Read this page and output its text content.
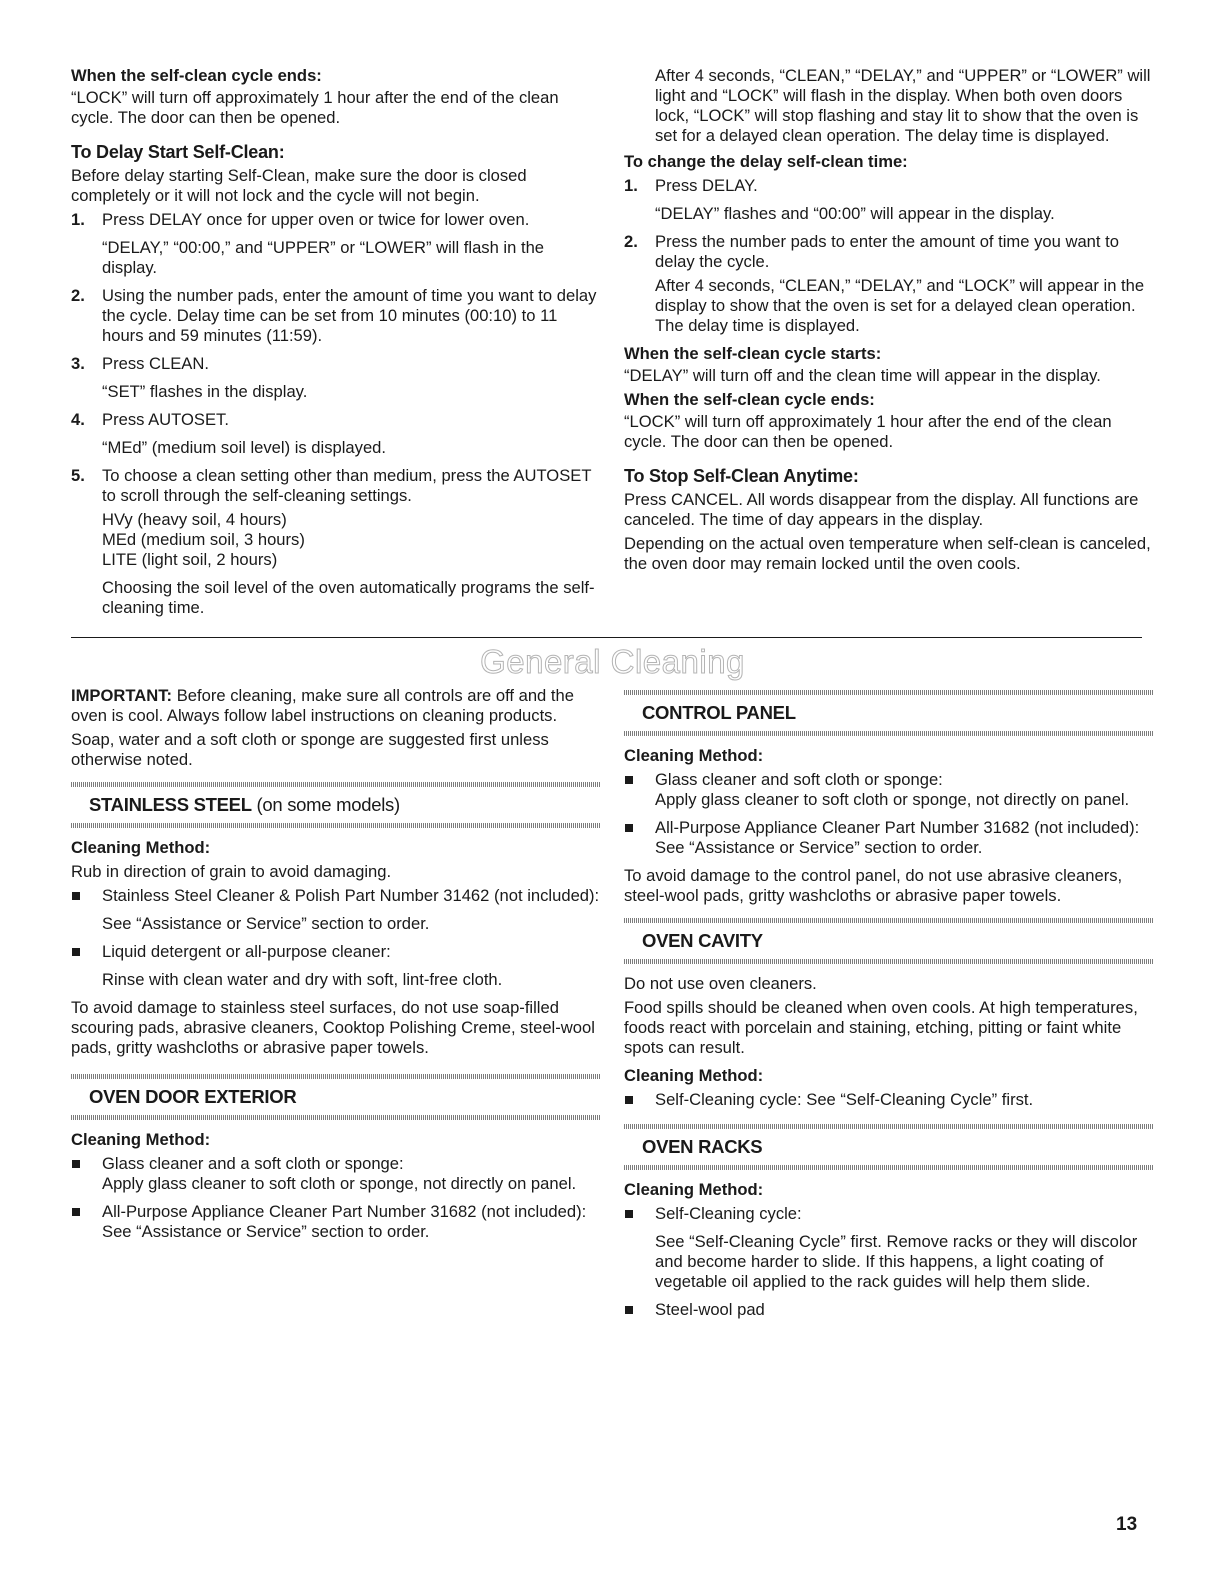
When the self-clean cycle ends:

“LOCK” will turn off approximately 1 hour after the end of the clean cycle. The door can then be opened.

To Delay Start Self-Clean:

Before delay starting Self-Clean, make sure the door is closed completely or it will not lock and the cycle will not begin.

1. Press DELAY once for upper oven or twice for lower oven.
“DELAY,” “00:00,” and “UPPER” or “LOWER” will flash in the display.
2. Using the number pads, enter the amount of time you want to delay the cycle. Delay time can be set from 10 minutes (00:10) to 11 hours and 59 minutes (11:59).
3. Press CLEAN.
“SET” flashes in the display.
4. Press AUTOSET.
“MEd” (medium soil level) is displayed.
5. To choose a clean setting other than medium, press the AUTOSET to scroll through the self-cleaning settings.
HVy (heavy soil, 4 hours)
MEd (medium soil, 3 hours)
LITE (light soil, 2 hours)
Choosing the soil level of the oven automatically programs the self-cleaning time.

After 4 seconds, “CLEAN,” “DELAY,” and “UPPER” or “LOWER” will light and “LOCK” will flash in the display. When both oven doors lock, “LOCK” will stop flashing and stay lit to show that the oven is set for a delayed clean operation. The delay time is displayed.

To change the delay self-clean time:

1. Press DELAY.
“DELAY” flashes and “00:00” will appear in the display.
2. Press the number pads to enter the amount of time you want to delay the cycle.
After 4 seconds, “CLEAN,” “DELAY,” and “LOCK” will appear in the display to show that the oven is set for a delayed clean operation. The delay time is displayed.

When the self-clean cycle starts:

“DELAY” will turn off and the clean time will appear in the display.

When the self-clean cycle ends:

“LOCK” will turn off approximately 1 hour after the end of the clean cycle. The door can then be opened.

To Stop Self-Clean Anytime:

Press CANCEL. All words disappear from the display. All functions are canceled. The time of day appears in the display.

Depending on the actual oven temperature when self-clean is canceled, the oven door may remain locked until the oven cools.

General Cleaning

IMPORTANT: Before cleaning, make sure all controls are off and the oven is cool. Always follow label instructions on cleaning products.

Soap, water and a soft cloth or sponge are suggested first unless otherwise noted.

STAINLESS STEEL (on some models)

Cleaning Method:

Rub in direction of grain to avoid damaging.

Stainless Steel Cleaner & Polish Part Number 31462 (not included):
See “Assistance or Service” section to order.
Liquid detergent or all-purpose cleaner:
Rinse with clean water and dry with soft, lint-free cloth.

To avoid damage to stainless steel surfaces, do not use soap-filled scouring pads, abrasive cleaners, Cooktop Polishing Creme, steel-wool pads, gritty washcloths or abrasive paper towels.

OVEN DOOR EXTERIOR

Cleaning Method:

Glass cleaner and a soft cloth or sponge:
Apply glass cleaner to soft cloth or sponge, not directly on panel.
All-Purpose Appliance Cleaner Part Number 31682 (not included):
See “Assistance or Service” section to order.
CONTROL PANEL

Cleaning Method:

Glass cleaner and soft cloth or sponge:
Apply glass cleaner to soft cloth or sponge, not directly on panel.
All-Purpose Appliance Cleaner Part Number 31682 (not included):
See “Assistance or Service” section to order.

To avoid damage to the control panel, do not use abrasive cleaners, steel-wool pads, gritty washcloths or abrasive paper towels.

OVEN CAVITY

Do not use oven cleaners.

Food spills should be cleaned when oven cools. At high temperatures, foods react with porcelain and staining, etching, pitting or faint white spots can result.

Cleaning Method:

Self-Cleaning cycle: See “Self-Cleaning Cycle” first.
OVEN RACKS

Cleaning Method:

Self-Cleaning cycle:
See “Self-Cleaning Cycle” first. Remove racks or they will discolor and become harder to slide. If this happens, a light coating of vegetable oil applied to the rack guides will help them slide.
Steel-wool pad
13
